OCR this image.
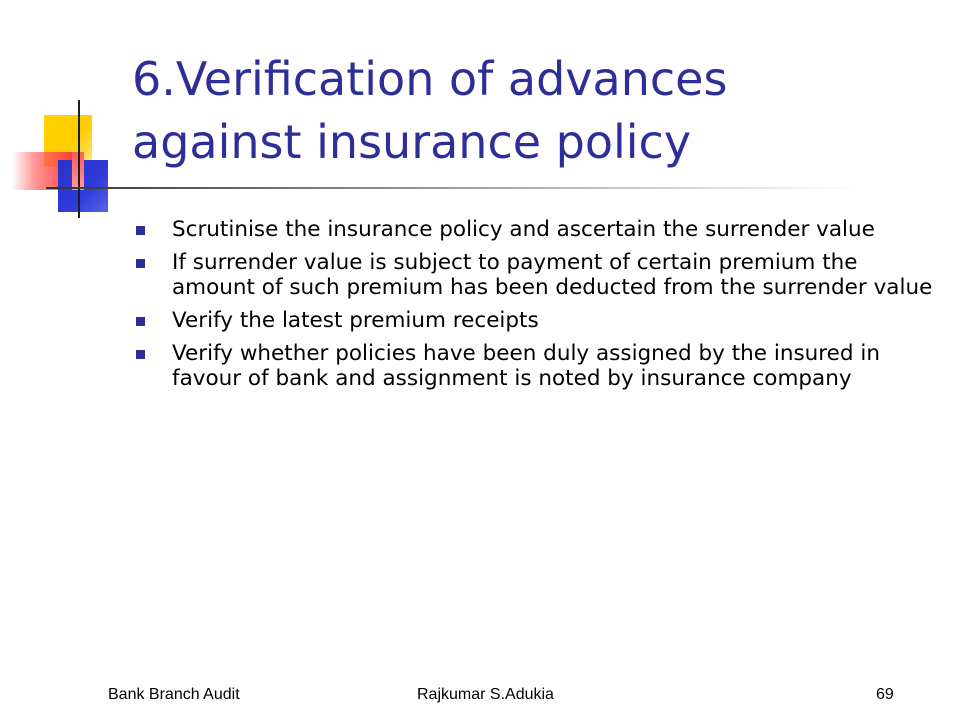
6.Verification of advances
against insurance policy
Scrutinise the insurance policy and ascertain the surrender value
If surrender value is subject to payment of certain premium the amount of such premium has been deducted from the surrender value
Verify the latest premium receipts
Verify whether policies have been duly assigned by the insured in favour of bank and assignment is noted by insurance company
Bank Branch Audit	Rajkumar S.Adukia	69
